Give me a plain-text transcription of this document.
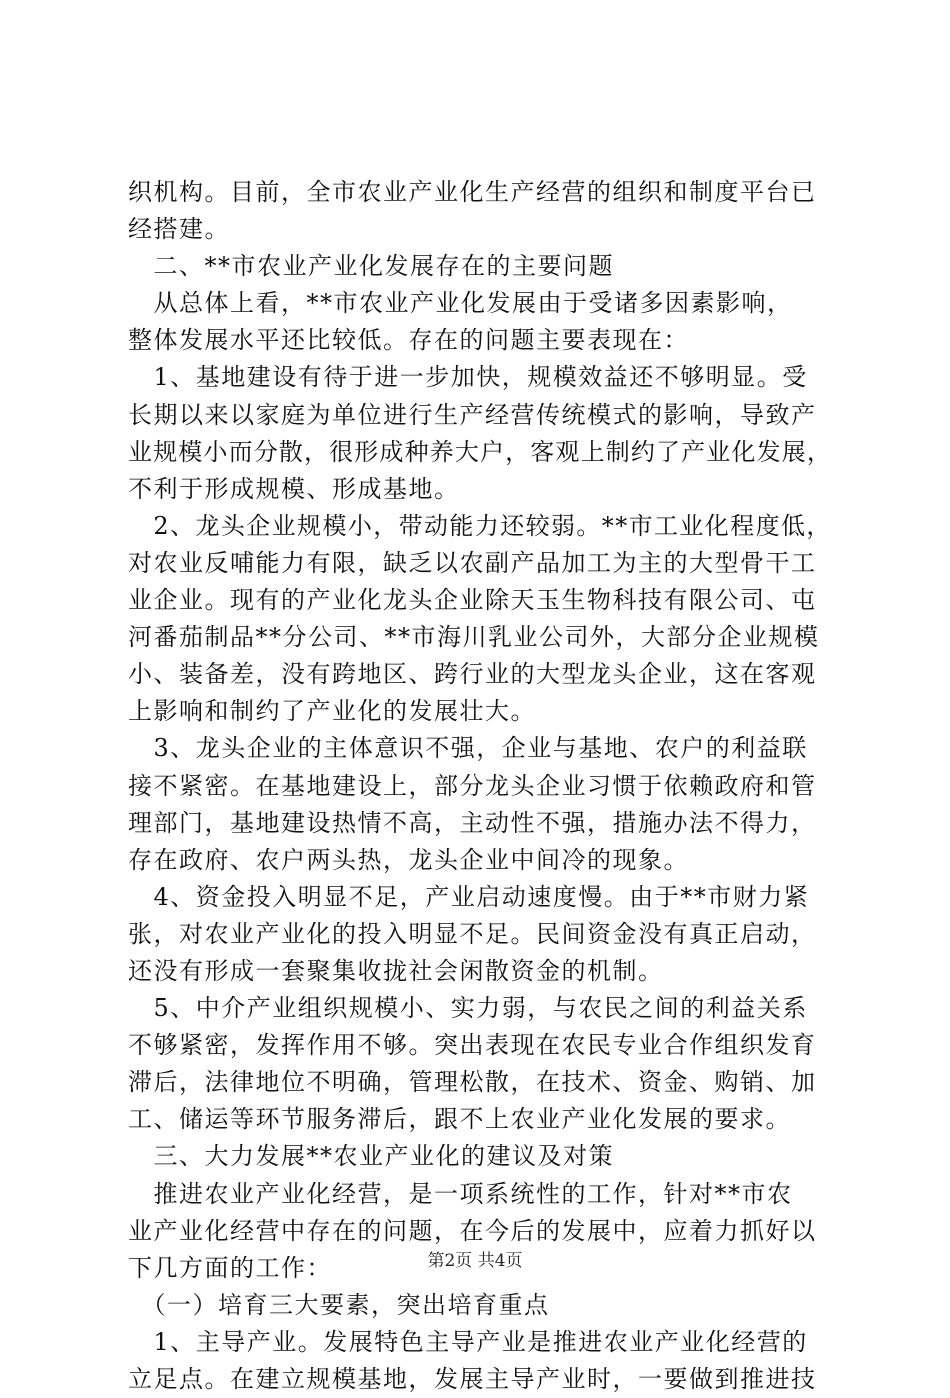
织机构。目前，全市农业产业化生产经营的组织和制度平台已
经搭建。
　二、**市农业产业化发展存在的主要问题
　从总体上看，**市农业产业化发展由于受诸多因素影响，
整体发展水平还比较低。存在的问题主要表现在：
　1、基地建设有待于进一步加快，规模效益还不够明显。受
长期以来以家庭为单位进行生产经营传统模式的影响，导致产
业规模小而分散，很形成种养大户，客观上制约了产业化发展，
不利于形成规模、形成基地。
　2、龙头企业规模小，带动能力还较弱。**市工业化程度低，
对农业反哺能力有限，缺乏以农副产品加工为主的大型骨干工
业企业。现有的产业化龙头企业除天玉生物科技有限公司、屯
河番茄制品**分公司、**市海川乳业公司外，大部分企业规模
小、装备差，没有跨地区、跨行业的大型龙头企业，这在客观
上影响和制约了产业化的发展壮大。
　3、龙头企业的主体意识不强，企业与基地、农户的利益联
接不紧密。在基地建设上，部分龙头企业习惯于依赖政府和管
理部门，基地建设热情不高，主动性不强，措施办法不得力，
存在政府、农户两头热，龙头企业中间冷的现象。
　4、资金投入明显不足，产业启动速度慢。由于**市财力紧
张，对农业产业化的投入明显不足。民间资金没有真正启动，
还没有形成一套聚集收拢社会闲散资金的机制。
　5、中介产业组织规模小、实力弱，与农民之间的利益关系
不够紧密，发挥作用不够。突出表现在农民专业合作组织发育
滞后，法律地位不明确，管理松散，在技术、资金、购销、加
工、储运等环节服务滞后，跟不上农业产业化发展的要求。
　三、大力发展**农业产业化的建议及对策
　推进农业产业化经营，是一项系统性的工作，针对**市农
业产业化经营中存在的问题，在今后的发展中，应着力抓好以
下几方面的工作：
　（一）培育三大要素，突出培育重点
　1、主导产业。发展特色主导产业是推进农业产业化经营的
立足点。在建立规模基地，发展主导产业时，一要做到推进技
第2页 共4页
